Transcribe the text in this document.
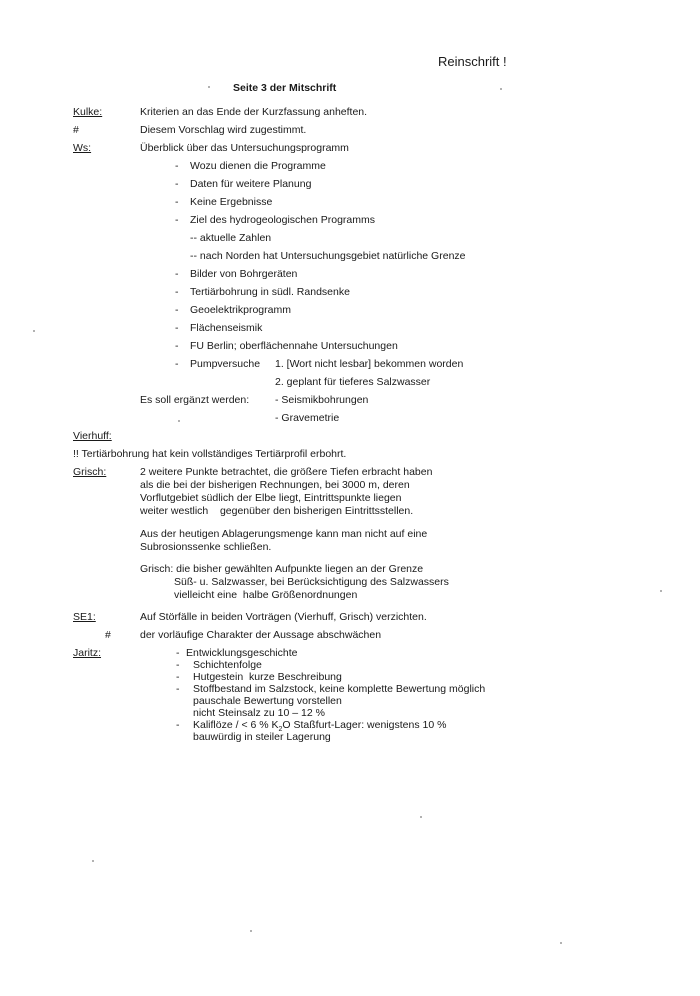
Reinschrift !
Seite 3 der Mitschrift
Kulke:	Kriterien an das Ende der Kurzfassung anheften.
#	Diesem Vorschlag wird zugestimmt.
Ws:	Überblick über das Untersuchungsprogramm
- Wozu dienen die Programme
- Daten für weitere Planung
- Keine Ergebnisse
- Ziel des hydrogeologischen Programms
-- aktuelle Zahlen
-- nach Norden hat Untersuchungsgebiet natürliche Grenze
- Bilder von Bohrgeräten
- Tertiärbohrung in südl. Randsenke
- Geoelektrikprogramm
- Flächenseismik
- FU Berlin; oberflächennahe Untersuchungen
- Pumpversuche 1. [Wort nicht lesbar] bekommen worden
2. geplant für tieferes Salzwasser
Es soll ergänzt werden: - Seismikbohrungen
- Gravemetrie
Vierhuff:
!! Tertiärbohrung hat kein vollständiges Tertiärprofil erbohrt.
Grisch:	2 weitere Punkte betrachtet, die größere Tiefen erbracht haben
als die bei der bisherigen Rechnungen, bei 3000 m, deren
Vorflutgebiet südlich der Elbe liegt, Eintrittspunkte liegen
weiter westlich    gegenüber den bisherigen Eintrittsstellen.
Aus der heutigen Ablagerungsmenge kann man nicht auf eine
Subrosionssenke schließen.
Grisch: die bisher gewählten Aufpunkte liegen an der Grenze
Süß- u. Salzwasser, bei Berücksichtigung des Salzwassers
vielleicht eine  halbe Größenordnungen
SE1:	Auf Störfälle in beiden Vorträgen (Vierhuff, Grisch) verzichten.
#	der vorläufige Charakter der Aussage abschwächen
Jaritz:	- Entwicklungsgeschichte
- Schichtenfolge
- Hutgestein  kurze Beschreibung
- Stoffbestand im Salzstock, keine komplette Bewertung möglich
pauschale Bewertung vorstellen
nicht Steinsalz zu 10 – 12 %
- Kaliflöze / < 6 % $K_2O$ Staßfurt-Lager: wenigstens 10 %
bauwürdig in steiler Lagerung
